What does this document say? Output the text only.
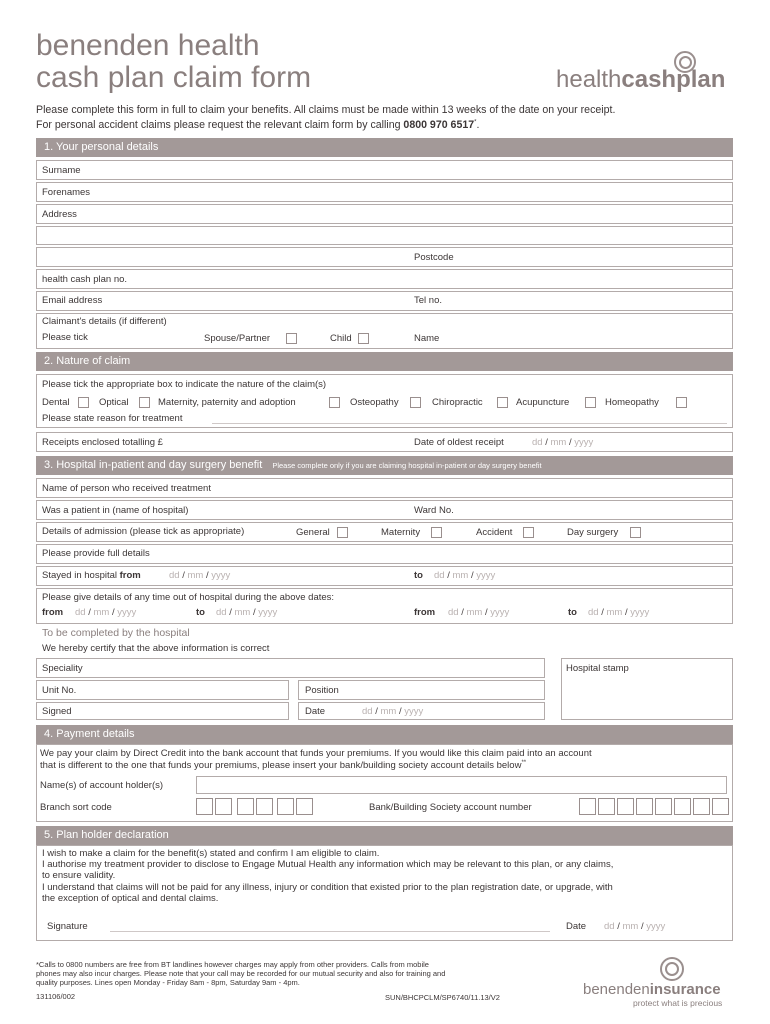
benenden health
cash plan claim form	healthcashplan
Please complete this form in full to claim your benefits. All claims must be made within 13 weeks of the date on your receipt.
For personal accident claims please request the relevant claim form by calling 0800 970 6517*.
1. Your personal details
Surname
Forenames
Address
Postcode
health cash plan no.
Email address	Tel no.
Claimant's details (if different)
Please tick	Spouse/Partner	Child	Name
2. Nature of claim
Please tick the appropriate box to indicate the nature of the claim(s)
Dental	Optical	Maternity, paternity and adoption	Osteopathy	Chiropractic	Acupuncture	Homeopathy
Please state reason for treatment
Receipts enclosed totalling £	Date of oldest receipt	dd / mm / yyyy
3. Hospital in-patient and day surgery benefit Please complete only if you are claiming hospital in-patient or day surgery benefit
Name of person who received treatment
Was a patient in (name of hospital)	Ward No.
Details of admission (please tick as appropriate)	General	Maternity	Accident	Day surgery
Please provide full details
Stayed in hospital from	dd / mm / yyyy	to dd / mm / yyyy
Please give details of any time out of hospital during the above dates:
from dd / mm / yyyy	to dd / mm / yyyy	from dd / mm / yyyy	to dd / mm / yyyy
To be completed by the hospital
We hereby certify that the above information is correct
Speciality	Hospital stamp
Unit No.	Position
Signed	Date	dd / mm / yyyy
4. Payment details
We pay your claim by Direct Credit into the bank account that funds your premiums. If you would like this claim paid into an account
that is different to the one that funds your premiums, please insert your bank/building society account details below**
Name(s) of account holder(s)
Branch sort code	Bank/Building Society account number
5. Plan holder declaration
I wish to make a claim for the benefit(s) stated and confirm I am eligible to claim.
I authorise my treatment provider to disclose to Engage Mutual Health any information which may be relevant to this plan, or any claims,
to ensure validity.
I understand that claims will not be paid for any illness, injury or condition that existed prior to the plan registration date, or upgrade, with
the exception of optical and dental claims.
Signature	Date dd / mm / yyyy
*Calls to 0800 numbers are free from BT landlines however charges may apply from other providers. Calls from mobile
phones may also incur charges. Please note that your call may be recorded for our mutual security and also for training and
quality purposes. Lines open Monday - Friday 8am - 8pm, Saturday 9am - 4pm.
131106/002	SUN/BHCPCLM/SP6740/11.13/V2	benendeninsurance
protect what is precious
